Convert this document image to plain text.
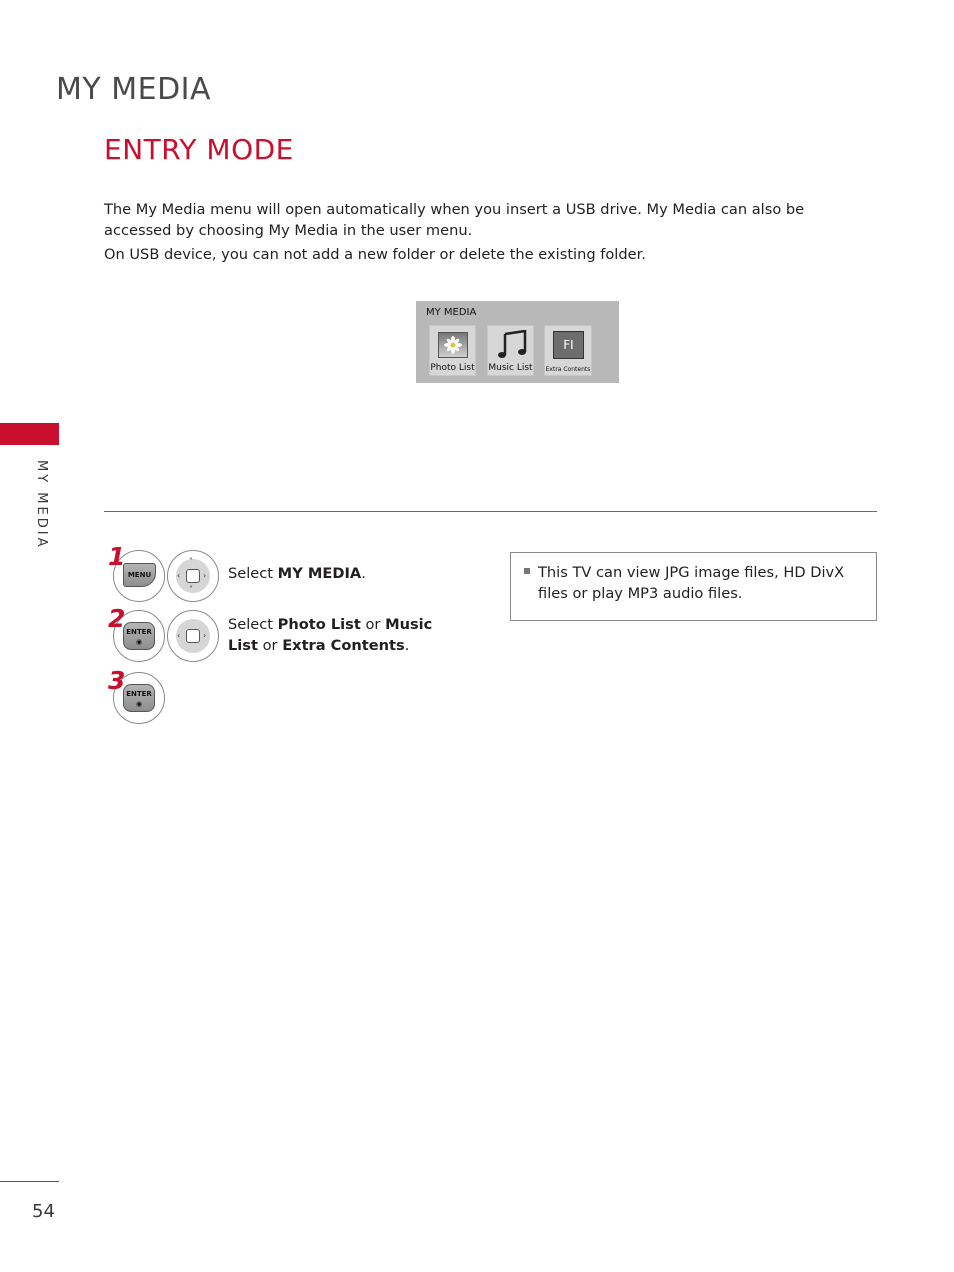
MY MEDIA
ENTRY MODE
The My Media menu will open automatically when you insert a USB drive. My Media can also be accessed by choosing My Media in the user menu.
On USB device, you can not add a new folder or delete the existing folder.
MY MEDIA
Photo List Music List
FI
Extra Contents
MY MEDIA
54
MENU
˄
‹	›
˅
1
Select MY MEDIA.
ENTER
◉
‹	›
2	Select Photo List or Music List or Extra Contents.
ENTER
◉
3
This TV can view JPG image files, HD DivX files or play MP3 audio files.
